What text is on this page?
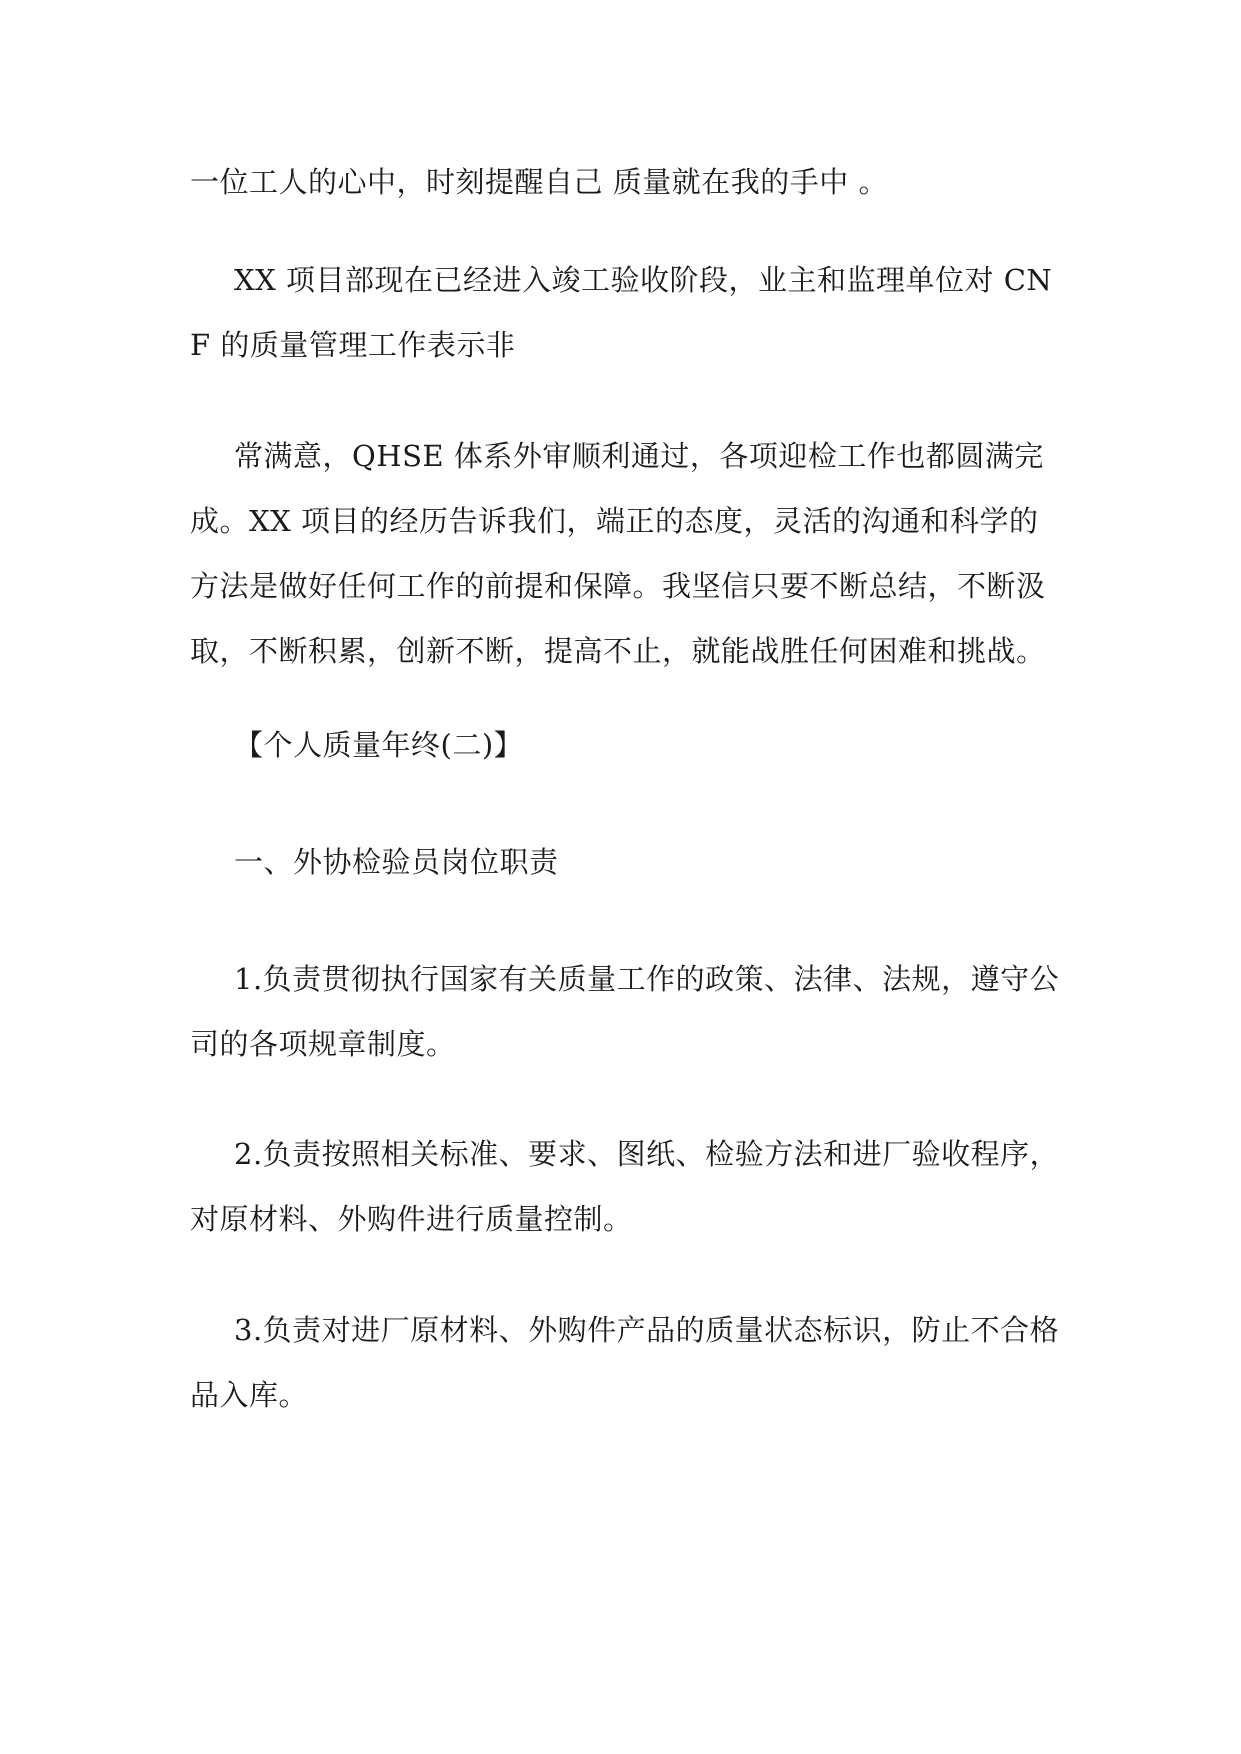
一位工人的心中，时刻提醒自己 质量就在我的手中 。

XX 项目部现在已经进入竣工验收阶段，业主和监理单位对 CNF 的质量管理工作表示非

常满意，QHSE 体系外审顺利通过，各项迎检工作也都圆满完成。XX 项目的经历告诉我们，端正的态度，灵活的沟通和科学的方法是做好任何工作的前提和保障。我坚信只要不断总结，不断汲取，不断积累，创新不断，提高不止，就能战胜任何困难和挑战。

【个人质量年终(二)】

一、外协检验员岗位职责

1.负责贯彻执行国家有关质量工作的政策、法律、法规，遵守公司的各项规章制度。

2.负责按照相关标准、要求、图纸、检验方法和进厂验收程序，对原材料、外购件进行质量控制。

3.负责对进厂原材料、外购件产品的质量状态标识，防止不合格品入库。
